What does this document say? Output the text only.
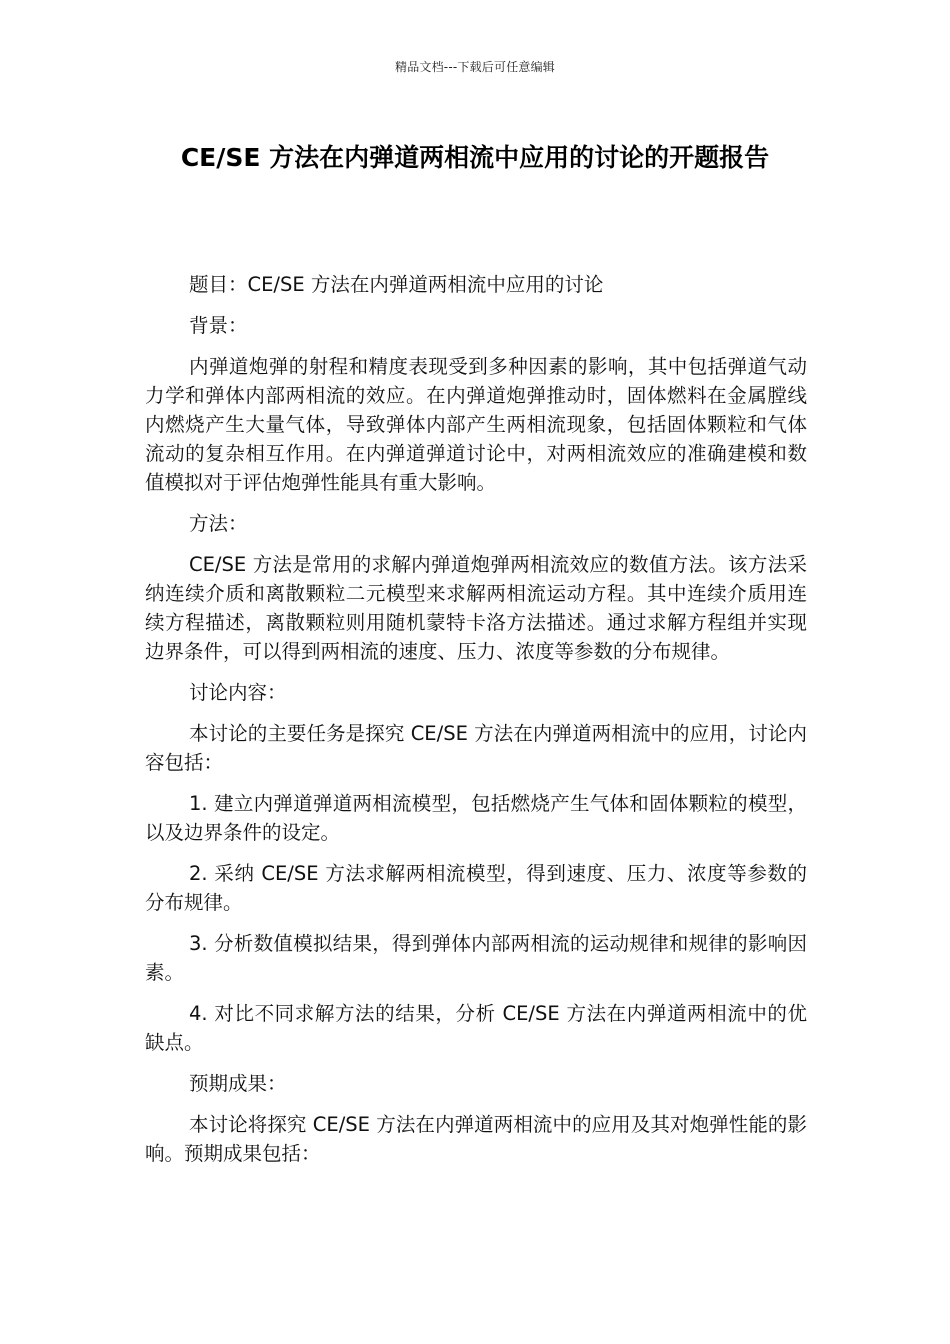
精品文档---下载后可任意编辑
CE/SE 方法在内弹道两相流中应用的讨论的开题报告

题目：CE/SE 方法在内弹道两相流中应用的讨论

背景：

内弹道炮弹的射程和精度表现受到多种因素的影响，其中包括弹道气动力学和弹体内部两相流的效应。在内弹道炮弹推动时，固体燃料在金属膛线内燃烧产生大量气体，导致弹体内部产生两相流现象，包括固体颗粒和气体流动的复杂相互作用。在内弹道弹道讨论中，对两相流效应的准确建模和数值模拟对于评估炮弹性能具有重大影响。

方法：

CE/SE 方法是常用的求解内弹道炮弹两相流效应的数值方法。该方法采纳连续介质和离散颗粒二元模型来求解两相流运动方程。其中连续介质用连续方程描述，离散颗粒则用随机蒙特卡洛方法描述。通过求解方程组并实现边界条件，可以得到两相流的速度、压力、浓度等参数的分布规律。

讨论内容：

本讨论的主要任务是探究 CE/SE 方法在内弹道两相流中的应用，讨论内容包括：

1. 建立内弹道弹道两相流模型，包括燃烧产生气体和固体颗粒的模型，以及边界条件的设定。

2. 采纳 CE/SE 方法求解两相流模型，得到速度、压力、浓度等参数的分布规律。

3. 分析数值模拟结果，得到弹体内部两相流的运动规律和规律的影响因素。

4. 对比不同求解方法的结果，分析 CE/SE 方法在内弹道两相流中的优缺点。

预期成果：

本讨论将探究 CE/SE 方法在内弹道两相流中的应用及其对炮弹性能的影响。预期成果包括：
